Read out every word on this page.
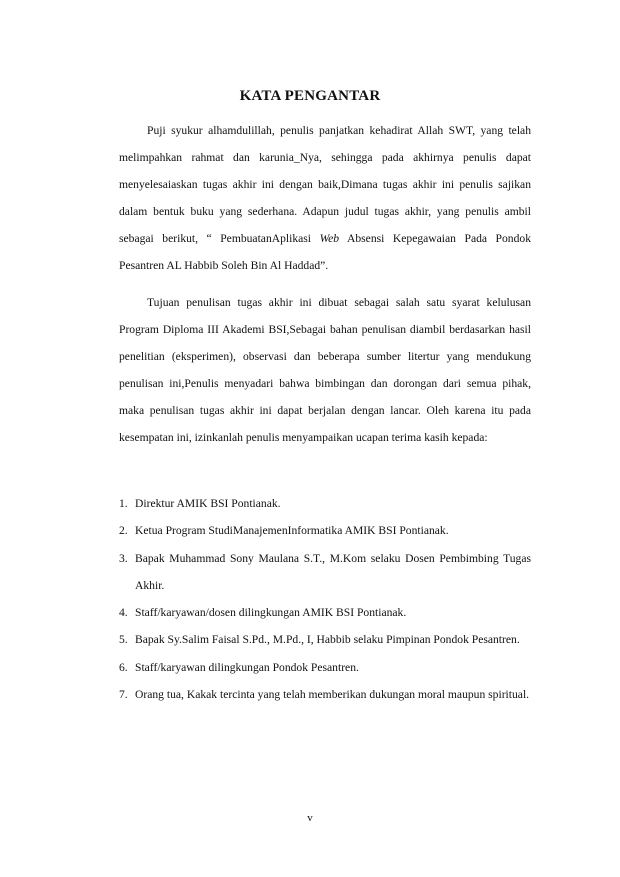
KATA PENGANTAR

Puji syukur alhamdulillah, penulis panjatkan kehadirat Allah SWT, yang telah melimpahkan rahmat dan karunia_Nya, sehingga pada akhirnya penulis dapat menyelesaiaskan tugas akhir ini dengan baik,Dimana tugas akhir ini penulis sajikan dalam bentuk buku yang sederhana. Adapun judul tugas akhir, yang penulis ambil sebagai berikut, “ PembuatanAplikasi Web Absensi Kepegawaian Pada Pondok Pesantren AL Habbib Soleh Bin Al Haddad”.

Tujuan penulisan tugas akhir ini dibuat sebagai salah satu syarat kelulusan Program Diploma III Akademi BSI,Sebagai bahan penulisan diambil berdasarkan hasil penelitian (eksperimen), observasi dan beberapa sumber litertur yang mendukung penulisan ini,Penulis menyadari bahwa bimbingan dan dorongan dari semua pihak, maka penulisan tugas akhir ini dapat berjalan dengan lancar. Oleh karena itu pada kesempatan ini, izinkanlah penulis menyampaikan ucapan terima kasih kepada:

1. Direktur AMIK BSI Pontianak.
2. Ketua Program StudiManajemenInformatika AMIK BSI Pontianak.
3. Bapak Muhammad Sony Maulana S.T., M.Kom selaku Dosen Pembimbing Tugas Akhir.
4. Staff/karyawan/dosen dilingkungan AMIK BSI Pontianak.
5. Bapak Sy.Salim Faisal S.Pd., M.Pd., I, Habbib selaku Pimpinan Pondok Pesantren.
6. Staff/karyawan dilingkungan Pondok Pesantren.
7. Orang tua, Kakak tercinta yang telah memberikan dukungan moral maupun spiritual.
v
